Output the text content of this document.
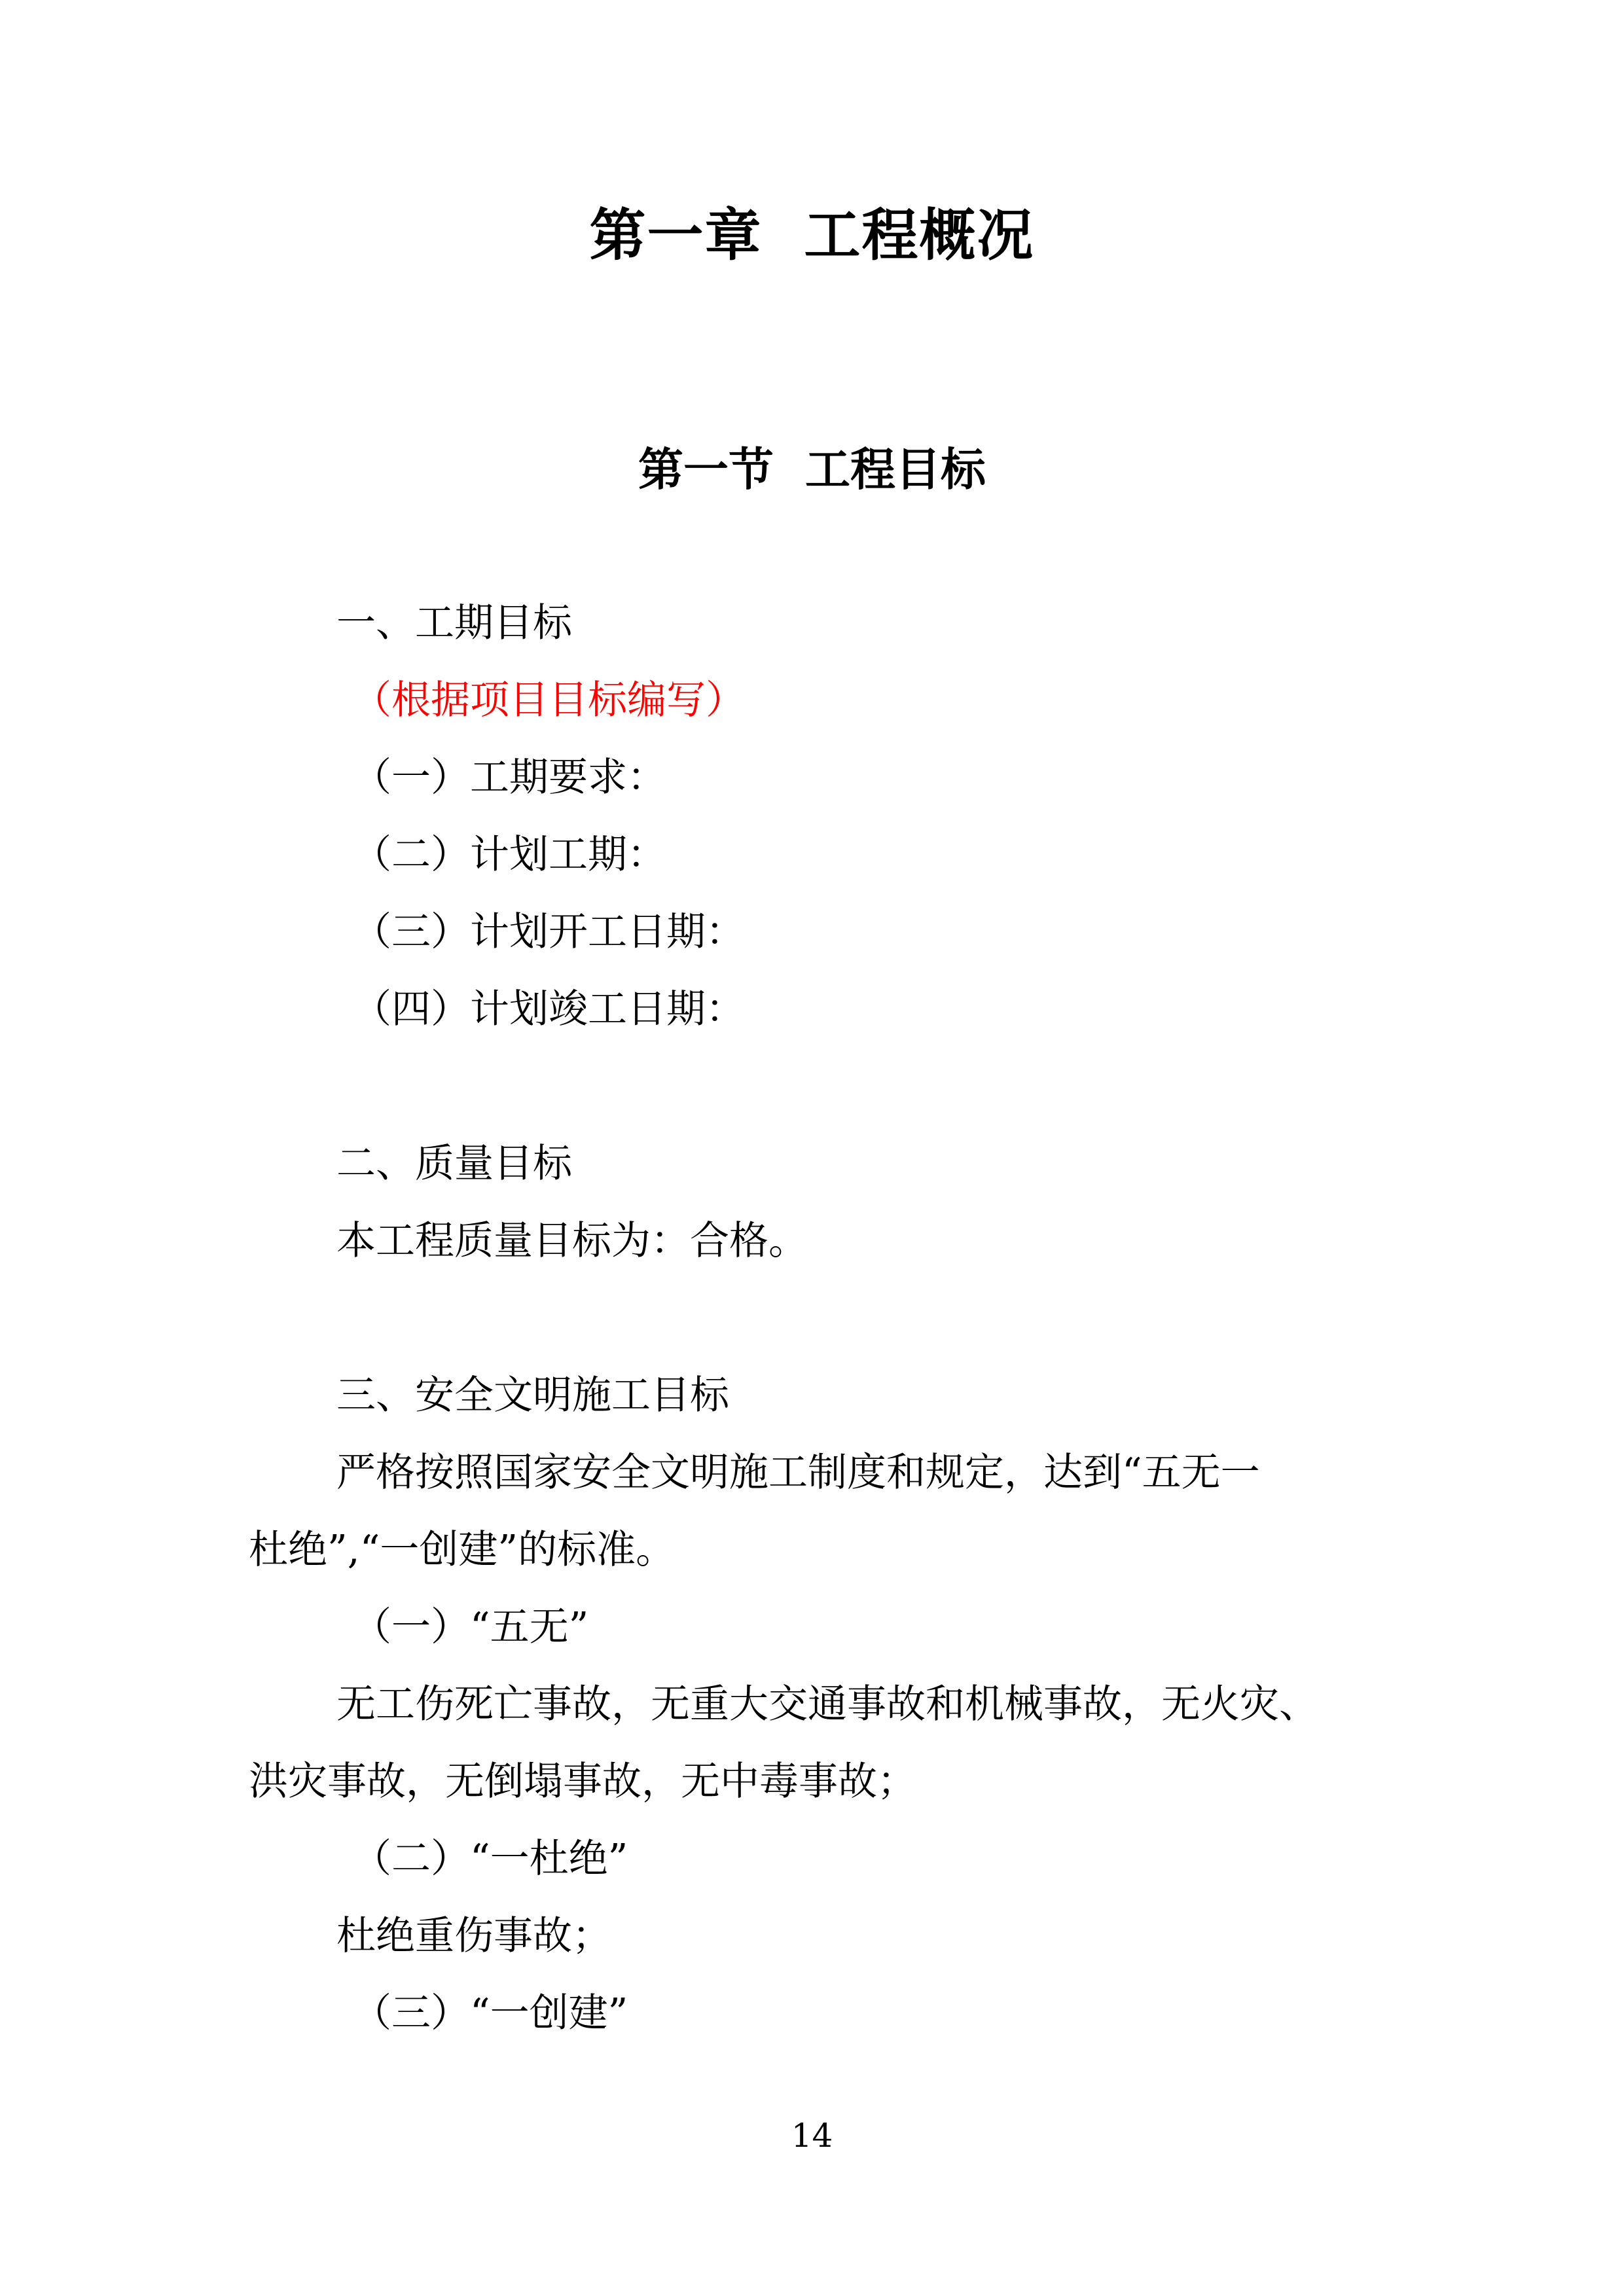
第一章  工程概况
第一节  工程目标
一、工期目标
（根据项目目标编写）
（一）工期要求：
（二）计划工期：
（三）计划开工日期：
（四）计划竣工日期：
二、质量目标
本工程质量目标为：合格。
三、安全文明施工目标
严格按照国家安全文明施工制度和规定，达到“五无一
杜绝”,“一创建”的标准。
（一）“五无”
无工伤死亡事故，无重大交通事故和机械事故，无火灾、
洪灾事故，无倒塌事故，无中毒事故；
（二）“一杜绝”
杜绝重伤事故；
（三）“一创建”
14
